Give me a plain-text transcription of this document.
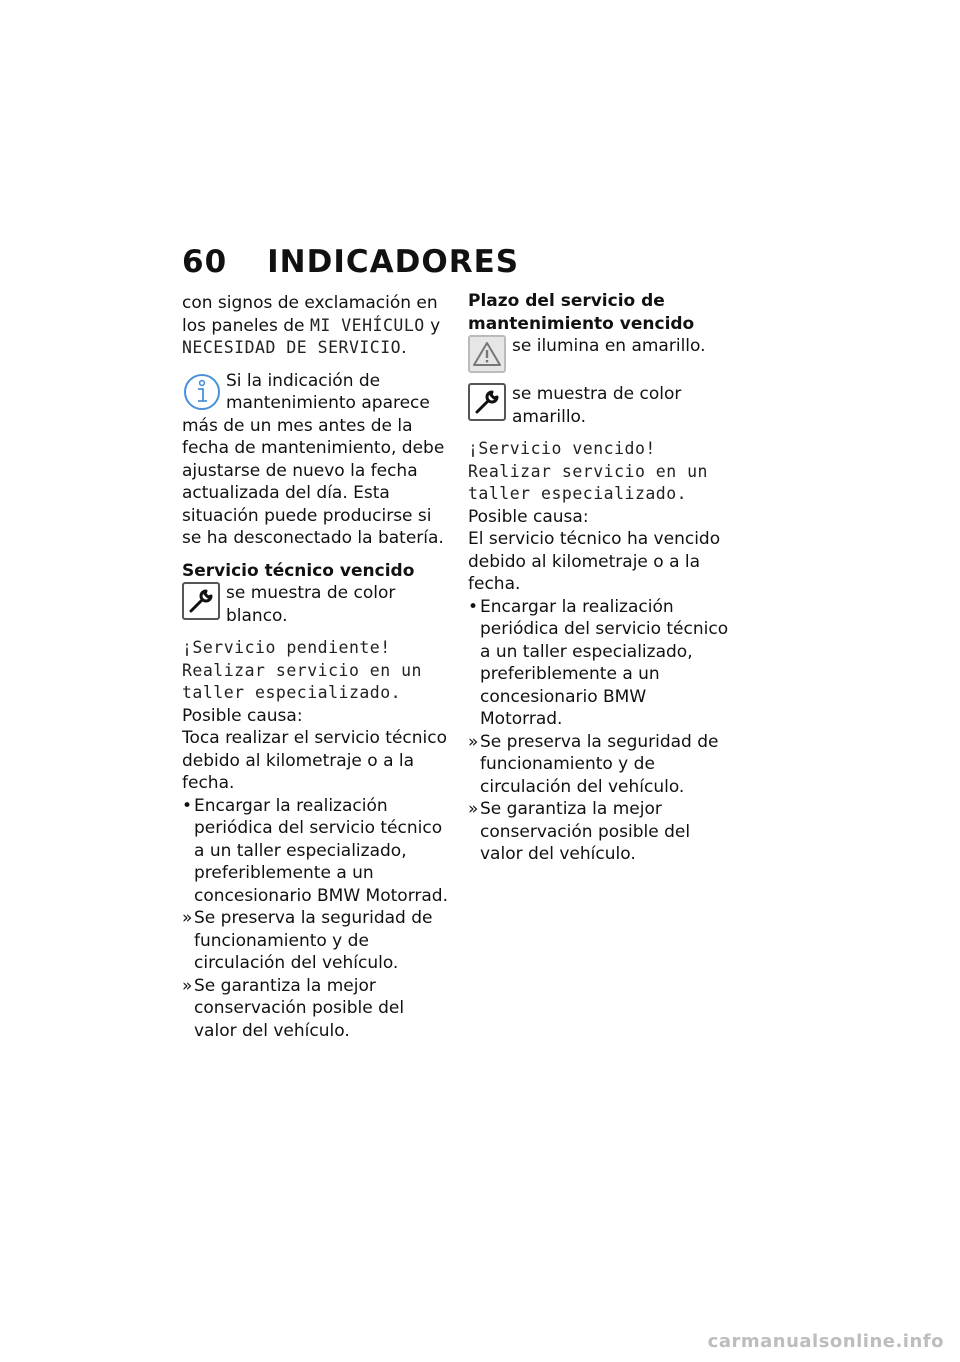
60 INDICADORES

con signos de exclamación en los paneles de MI VEHÍCULO y NECESIDAD DE SERVICIO.

Si la indicación de mantenimiento aparece más de un mes antes de la fecha de mantenimiento, debe ajustarse de nuevo la fecha actualizada del día. Esta situación puede producirse si se ha desconectado la batería.

Servicio técnico vencido

se muestra de color blanco.

¡Servicio pendiente! Realizar servicio en un taller especializado.

Posible causa:

Toca realizar el servicio técnico debido al kilometraje o a la fecha.

• Encargar la realización periódica del servicio técnico a un taller especializado, preferiblemente a un concesionario BMW Motorrad.
» Se preserva la seguridad de funcionamiento y de circulación del vehículo.
» Se garantiza la mejor conservación posible del valor del vehículo.

Plazo del servicio de mantenimiento vencido

se ilumina en amarillo.

se muestra de color amarillo.

¡Servicio vencido! Realizar servicio en un taller especializado.

Posible causa:

El servicio técnico ha vencido debido al kilometraje o a la fecha.

• Encargar la realización periódica del servicio técnico a un taller especializado, preferiblemente a un concesionario BMW Motorrad.
» Se preserva la seguridad de funcionamiento y de circulación del vehículo.
» Se garantiza la mejor conservación posible del valor del vehículo.
carmanualsonline.info
